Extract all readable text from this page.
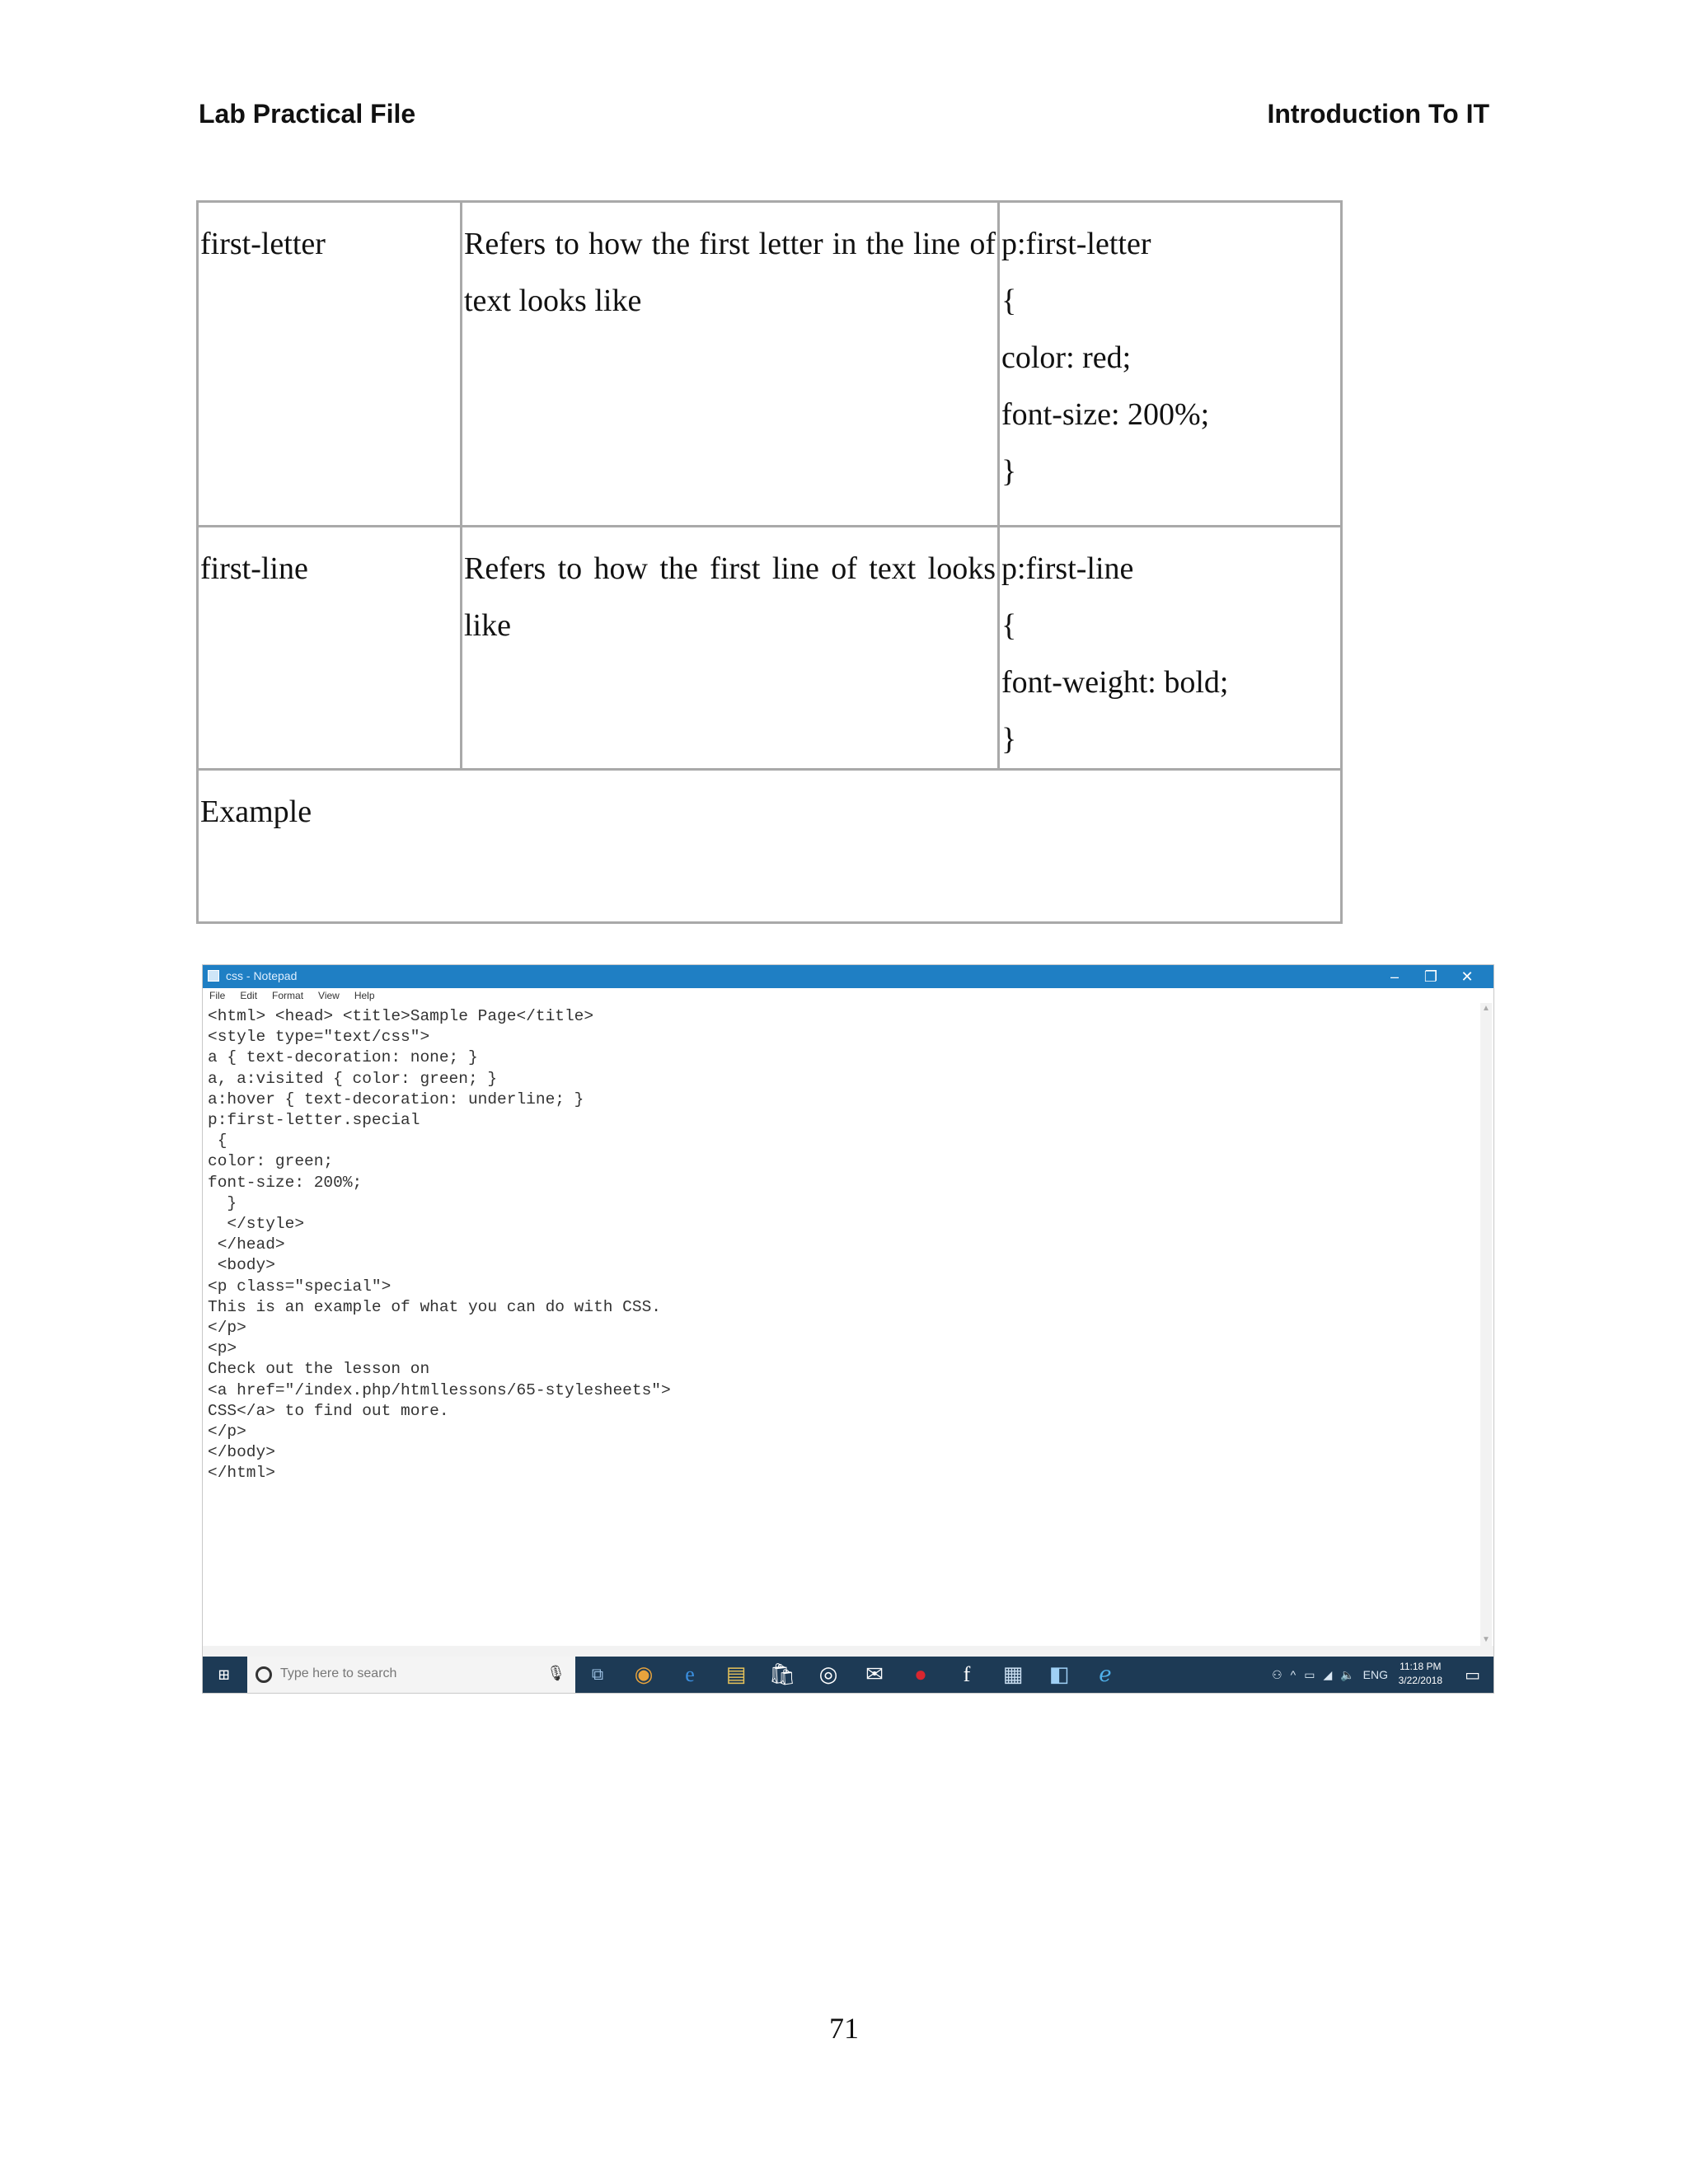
Lab Practical File	Introduction To IT
first-letter	Refers to how the first letter in the line of text looks like	p:first-letter
{
color: red;
font-size: 200%;
}

first-line	Refers to how the first line of text looks like	p:first-line
{
font-weight: bold;
}

Example		
css - Notepad	–	❐	✕
File Edit Format View Help
<html> <head> <title>Sample Page</title>
<style type="text/css">
a { text-decoration: none; }
a, a:visited { color: green; }
a:hover { text-decoration: underline; }
p:first-letter.special
{
color: green;
font-size: 200%;
}
</style>
</head>
<body>
<p class="special">
This is an example of what you can do with CSS.
</p>
<p>
Check out the lesson on
<a href="/index.php/htmllessons/65-stylesheets">
CSS</a> to find out more.
</p>
</body>
</html>
▲
▼
⊞	Type here to search	🎙	⧉	◉	e	▤ 🛍 ◎ ✉	●	f	▦ ◧	ℯ	⚇ ^ ▭ ◢ 🔈 ENG
11:18 PM
3/22/2018 ▭
71
